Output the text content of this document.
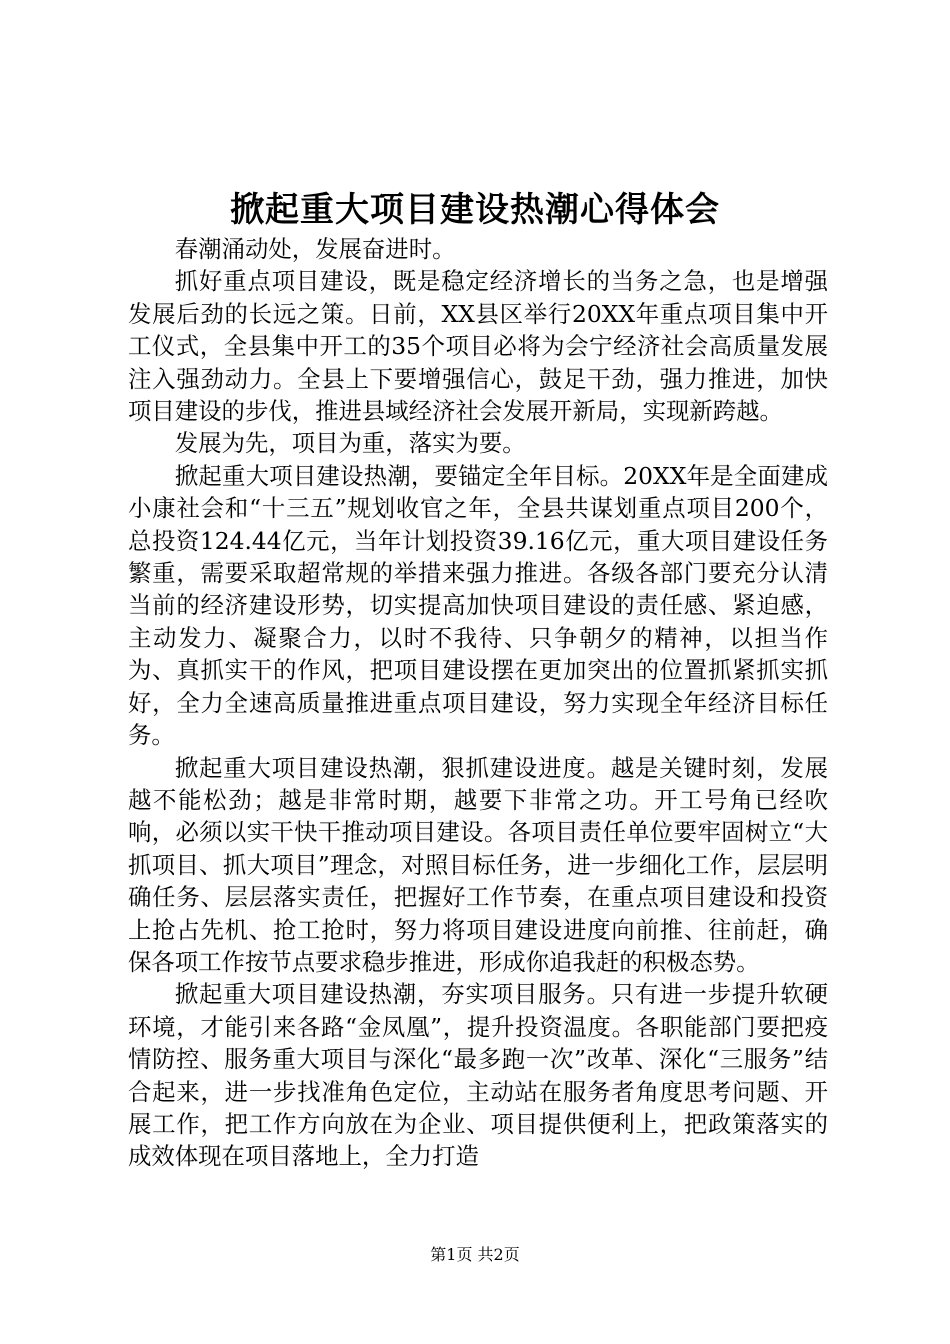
掀起重大项目建设热潮心得体会

春潮涌动处，发展奋进时。

抓好重点项目建设，既是稳定经济增长的当务之急，也是增强发展后劲的长远之策。日前，XX县区举行20XX年重点项目集中开工仪式，全县集中开工的35个项目必将为会宁经济社会高质量发展注入强劲动力。全县上下要增强信心，鼓足干劲，强力推进，加快项目建设的步伐，推进县域经济社会发展开新局，实现新跨越。

发展为先，项目为重，落实为要。

掀起重大项目建设热潮，要锚定全年目标。20XX年是全面建成小康社会和“十三五”规划收官之年，全县共谋划重点项目200个，总投资124.44亿元，当年计划投资39.16亿元，重大项目建设任务繁重，需要采取超常规的举措来强力推进。各级各部门要充分认清当前的经济建设形势，切实提高加快项目建设的责任感、紧迫感，主动发力、凝聚合力，以时不我待、只争朝夕的精神，以担当作为、真抓实干的作风，把项目建设摆在更加突出的位置抓紧抓实抓好，全力全速高质量推进重点项目建设，努力实现全年经济目标任务。

掀起重大项目建设热潮，狠抓建设进度。越是关键时刻，发展越不能松劲；越是非常时期，越要下非常之功。开工号角已经吹响，必须以实干快干推动项目建设。各项目责任单位要牢固树立“大抓项目、抓大项目”理念，对照目标任务，进一步细化工作，层层明确任务、层层落实责任，把握好工作节奏，在重点项目建设和投资上抢占先机、抢工抢时，努力将项目建设进度向前推、往前赶，确保各项工作按节点要求稳步推进，形成你追我赶的积极态势。

掀起重大项目建设热潮，夯实项目服务。只有进一步提升软硬环境，才能引来各路“金凤凰”，提升投资温度。各职能部门要把疫情防控、服务重大项目与深化“最多跑一次”改革、深化“三服务”结合起来，进一步找准角色定位，主动站在服务者角度思考问题、开展工作，把工作方向放在为企业、项目提供便利上，把政策落实的成效体现在项目落地上，全力打造

第1页 共2页
